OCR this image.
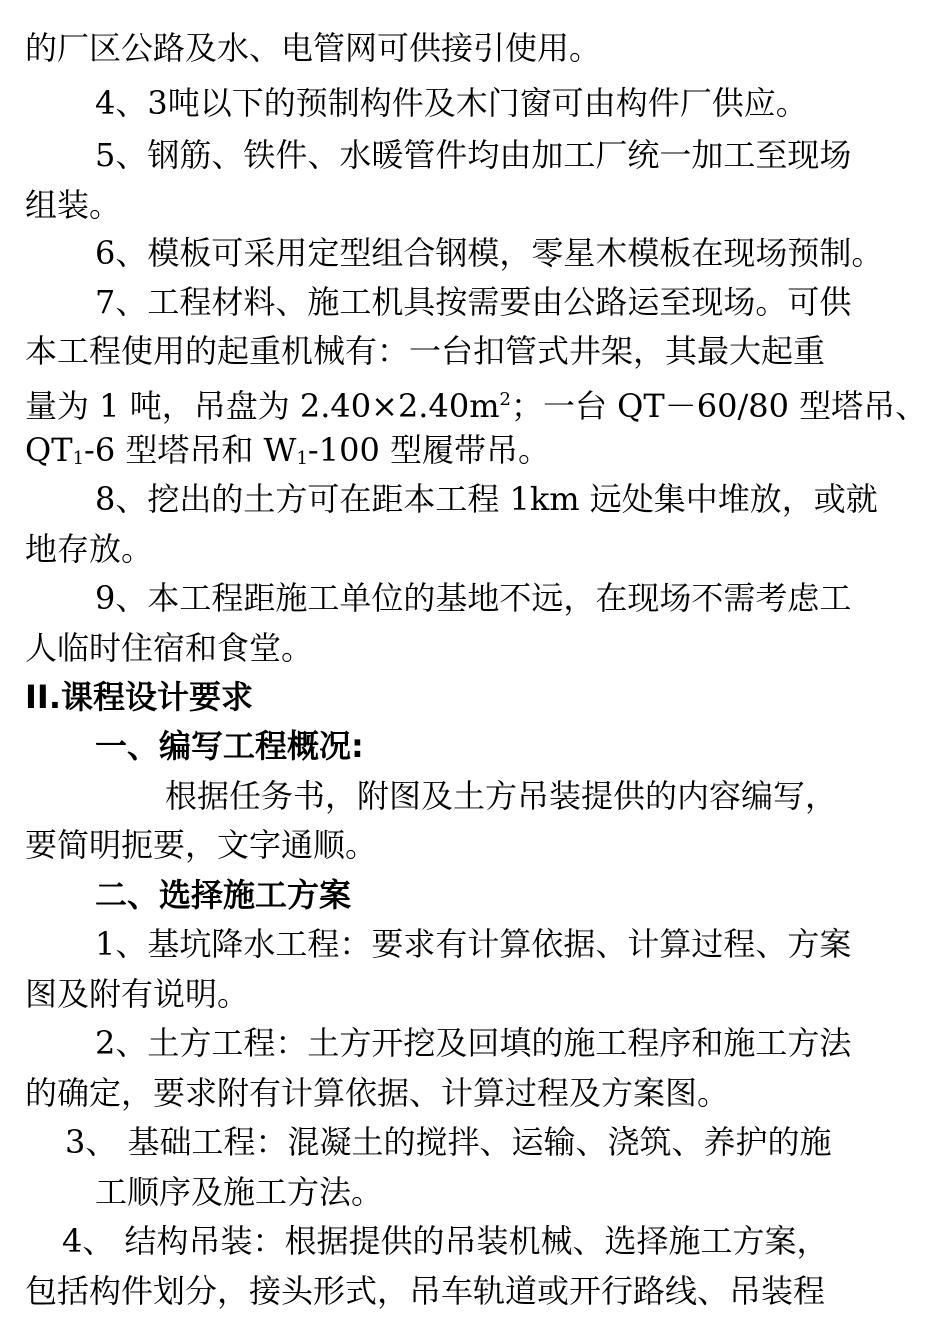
的厂区公路及水、电管网可供接引使用。
4、3吨以下的预制构件及木门窗可由构件厂供应。
5、钢筋、铁件、水暖管件均由加工厂统一加工至现场
组装。
6、模板可采用定型组合钢模，零星木模板在现场预制。
7、工程材料、施工机具按需要由公路运至现场。可供
本工程使用的起重机械有：一台扣管式井架，其最大起重
量为 1 吨，吊盘为 $2.40\times 2.40m^2$；一台 QT－60/80 型塔吊、
$QT_1-6$ 型塔吊和 $W_1-100$ 型履带吊。
8、挖出的土方可在距本工程 1km 远处集中堆放，或就
地存放。
9、本工程距施工单位的基地不远，在现场不需考虑工
人临时住宿和食堂。
II.课程设计要求
一、编写工程概况:
根据任务书，附图及土方吊装提供的内容编写，
要简明扼要，文字通顺。
二、选择施工方案
1、基坑降水工程：要求有计算依据、计算过程、方案
图及附有说明。
2、土方工程：土方开挖及回填的施工程序和施工方法
的确定，要求附有计算依据、计算过程及方案图。
3、 基础工程：混凝土的搅拌、运输、浇筑、养护的施
工顺序及施工方法。
4、 结构吊装：根据提供的吊装机械、选择施工方案，
包括构件划分，接头形式，吊车轨道或开行路线、吊装程
